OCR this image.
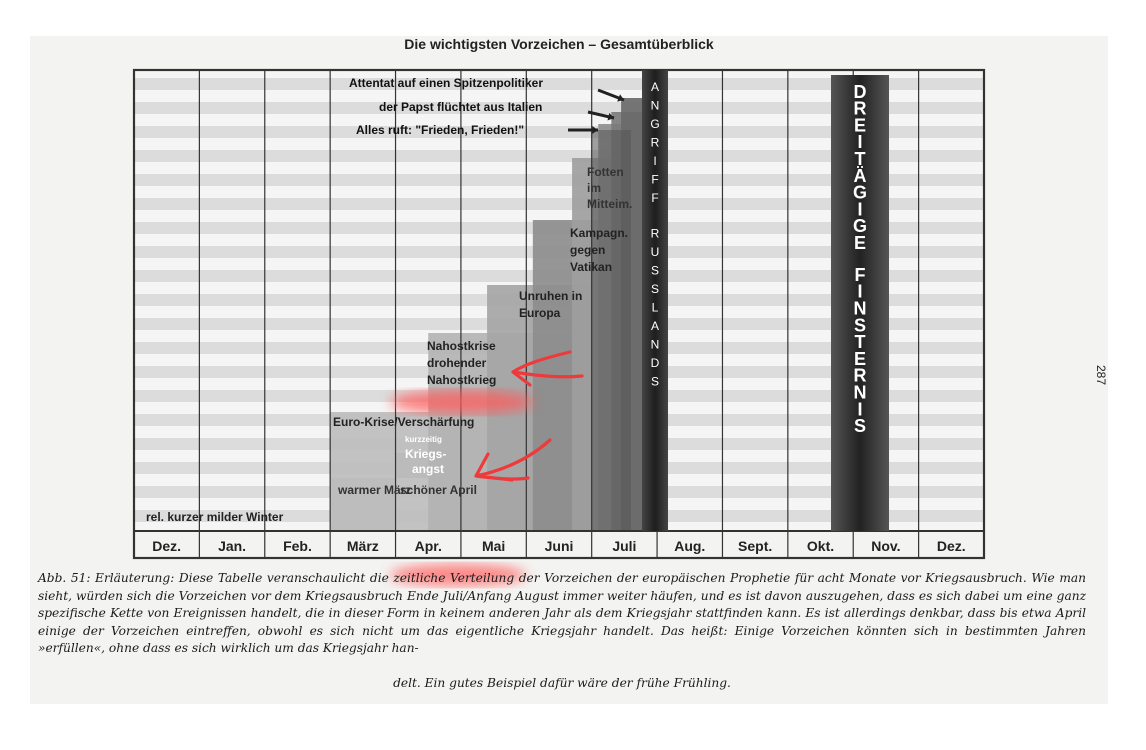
Die wichtigsten Vorzeichen – Gesamtüberblick
A
N
G
R
I
F
F
R
U
S
S
L
A
N
D
S
D
R
E
I
T
Ä
G
I
G
E
F
I
N
S
T
E
R
N
I
S
rel. kurzer milder Winter
warmer März
schöner April
kurzzeitig
Kriegs-
angst
Euro-Krise/Verschärfung
Nahostkrise
drohender
Nahostkrieg
Unruhen in
Europa
Kampagn.
gegen
Vatikan
Fotten
im
Mitteim.
Alles ruft: "Frieden, Frieden!"
der Papst flüchtet aus Italien
Attentat auf einen Spitzenpolitiker
Dez.	Jan.	Feb.	März	Apr.	Mai	Juni	Juli	Aug. Sept. Okt.	Nov.	Dez.
287
Abb. 51: Erläuterung: Diese Tabelle veranschaulicht die zeitliche Verteilung der Vorzeichen der europäischen Prophetie für acht Monate vor Kriegsausbruch. Wie man sieht, würden sich die Vorzeichen vor dem Kriegsausbruch Ende Juli/Anfang August immer weiter häufen, und es ist davon auszugehen, dass es sich dabei um eine ganz spezifische Kette von Ereignissen handelt, die in dieser Form in keinem anderen Jahr als dem Kriegsjahr stattfinden kann. Es ist allerdings denkbar, dass bis etwa April einige der Vorzeichen eintreffen, obwohl es sich nicht um das eigentliche Kriegsjahr handelt. Das heißt: Einige Vorzeichen könnten sich in bestimmten Jahren »erfüllen«, ohne dass es sich wirklich um das Kriegsjahr han-
delt. Ein gutes Beispiel dafür wäre der frühe Frühling.
